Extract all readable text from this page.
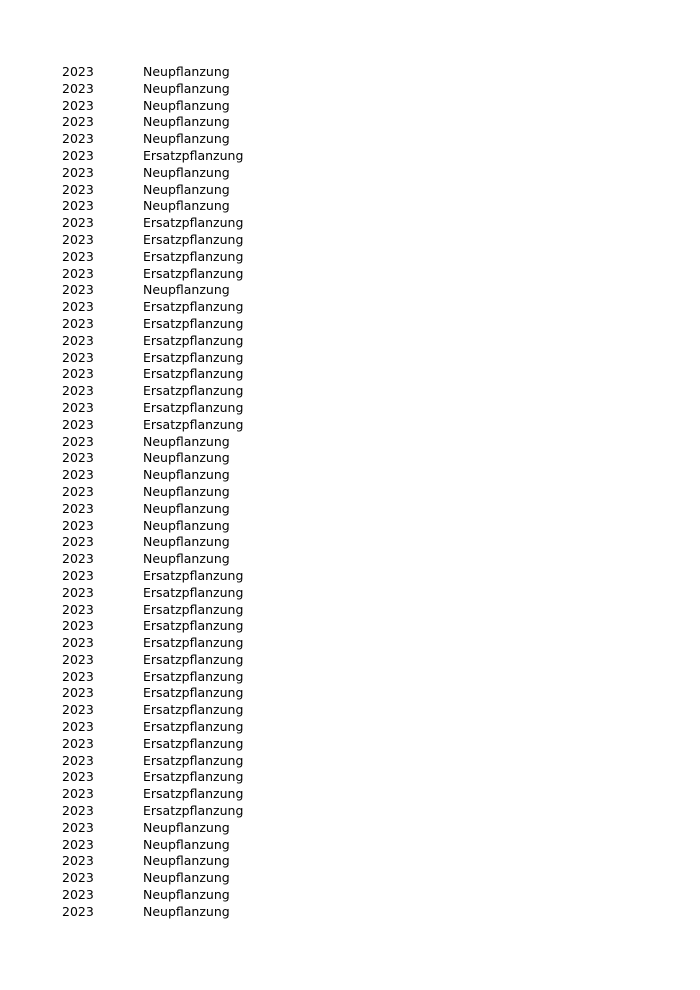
2023	Neupflanzung
2023	Neupflanzung
2023	Neupflanzung
2023	Neupflanzung
2023	Neupflanzung
2023	Ersatzpflanzung
2023	Neupflanzung
2023	Neupflanzung
2023	Neupflanzung
2023	Ersatzpflanzung
2023	Ersatzpflanzung
2023	Ersatzpflanzung
2023	Ersatzpflanzung
2023	Neupflanzung
2023	Ersatzpflanzung
2023	Ersatzpflanzung
2023	Ersatzpflanzung
2023	Ersatzpflanzung
2023	Ersatzpflanzung
2023	Ersatzpflanzung
2023	Ersatzpflanzung
2023	Ersatzpflanzung
2023	Neupflanzung
2023	Neupflanzung
2023	Neupflanzung
2023	Neupflanzung
2023	Neupflanzung
2023	Neupflanzung
2023	Neupflanzung
2023	Neupflanzung
2023	Ersatzpflanzung
2023	Ersatzpflanzung
2023	Ersatzpflanzung
2023	Ersatzpflanzung
2023	Ersatzpflanzung
2023	Ersatzpflanzung
2023	Ersatzpflanzung
2023	Ersatzpflanzung
2023	Ersatzpflanzung
2023	Ersatzpflanzung
2023	Ersatzpflanzung
2023	Ersatzpflanzung
2023	Ersatzpflanzung
2023	Ersatzpflanzung
2023	Ersatzpflanzung
2023	Neupflanzung
2023	Neupflanzung
2023	Neupflanzung
2023	Neupflanzung
2023	Neupflanzung
2023	Neupflanzung
